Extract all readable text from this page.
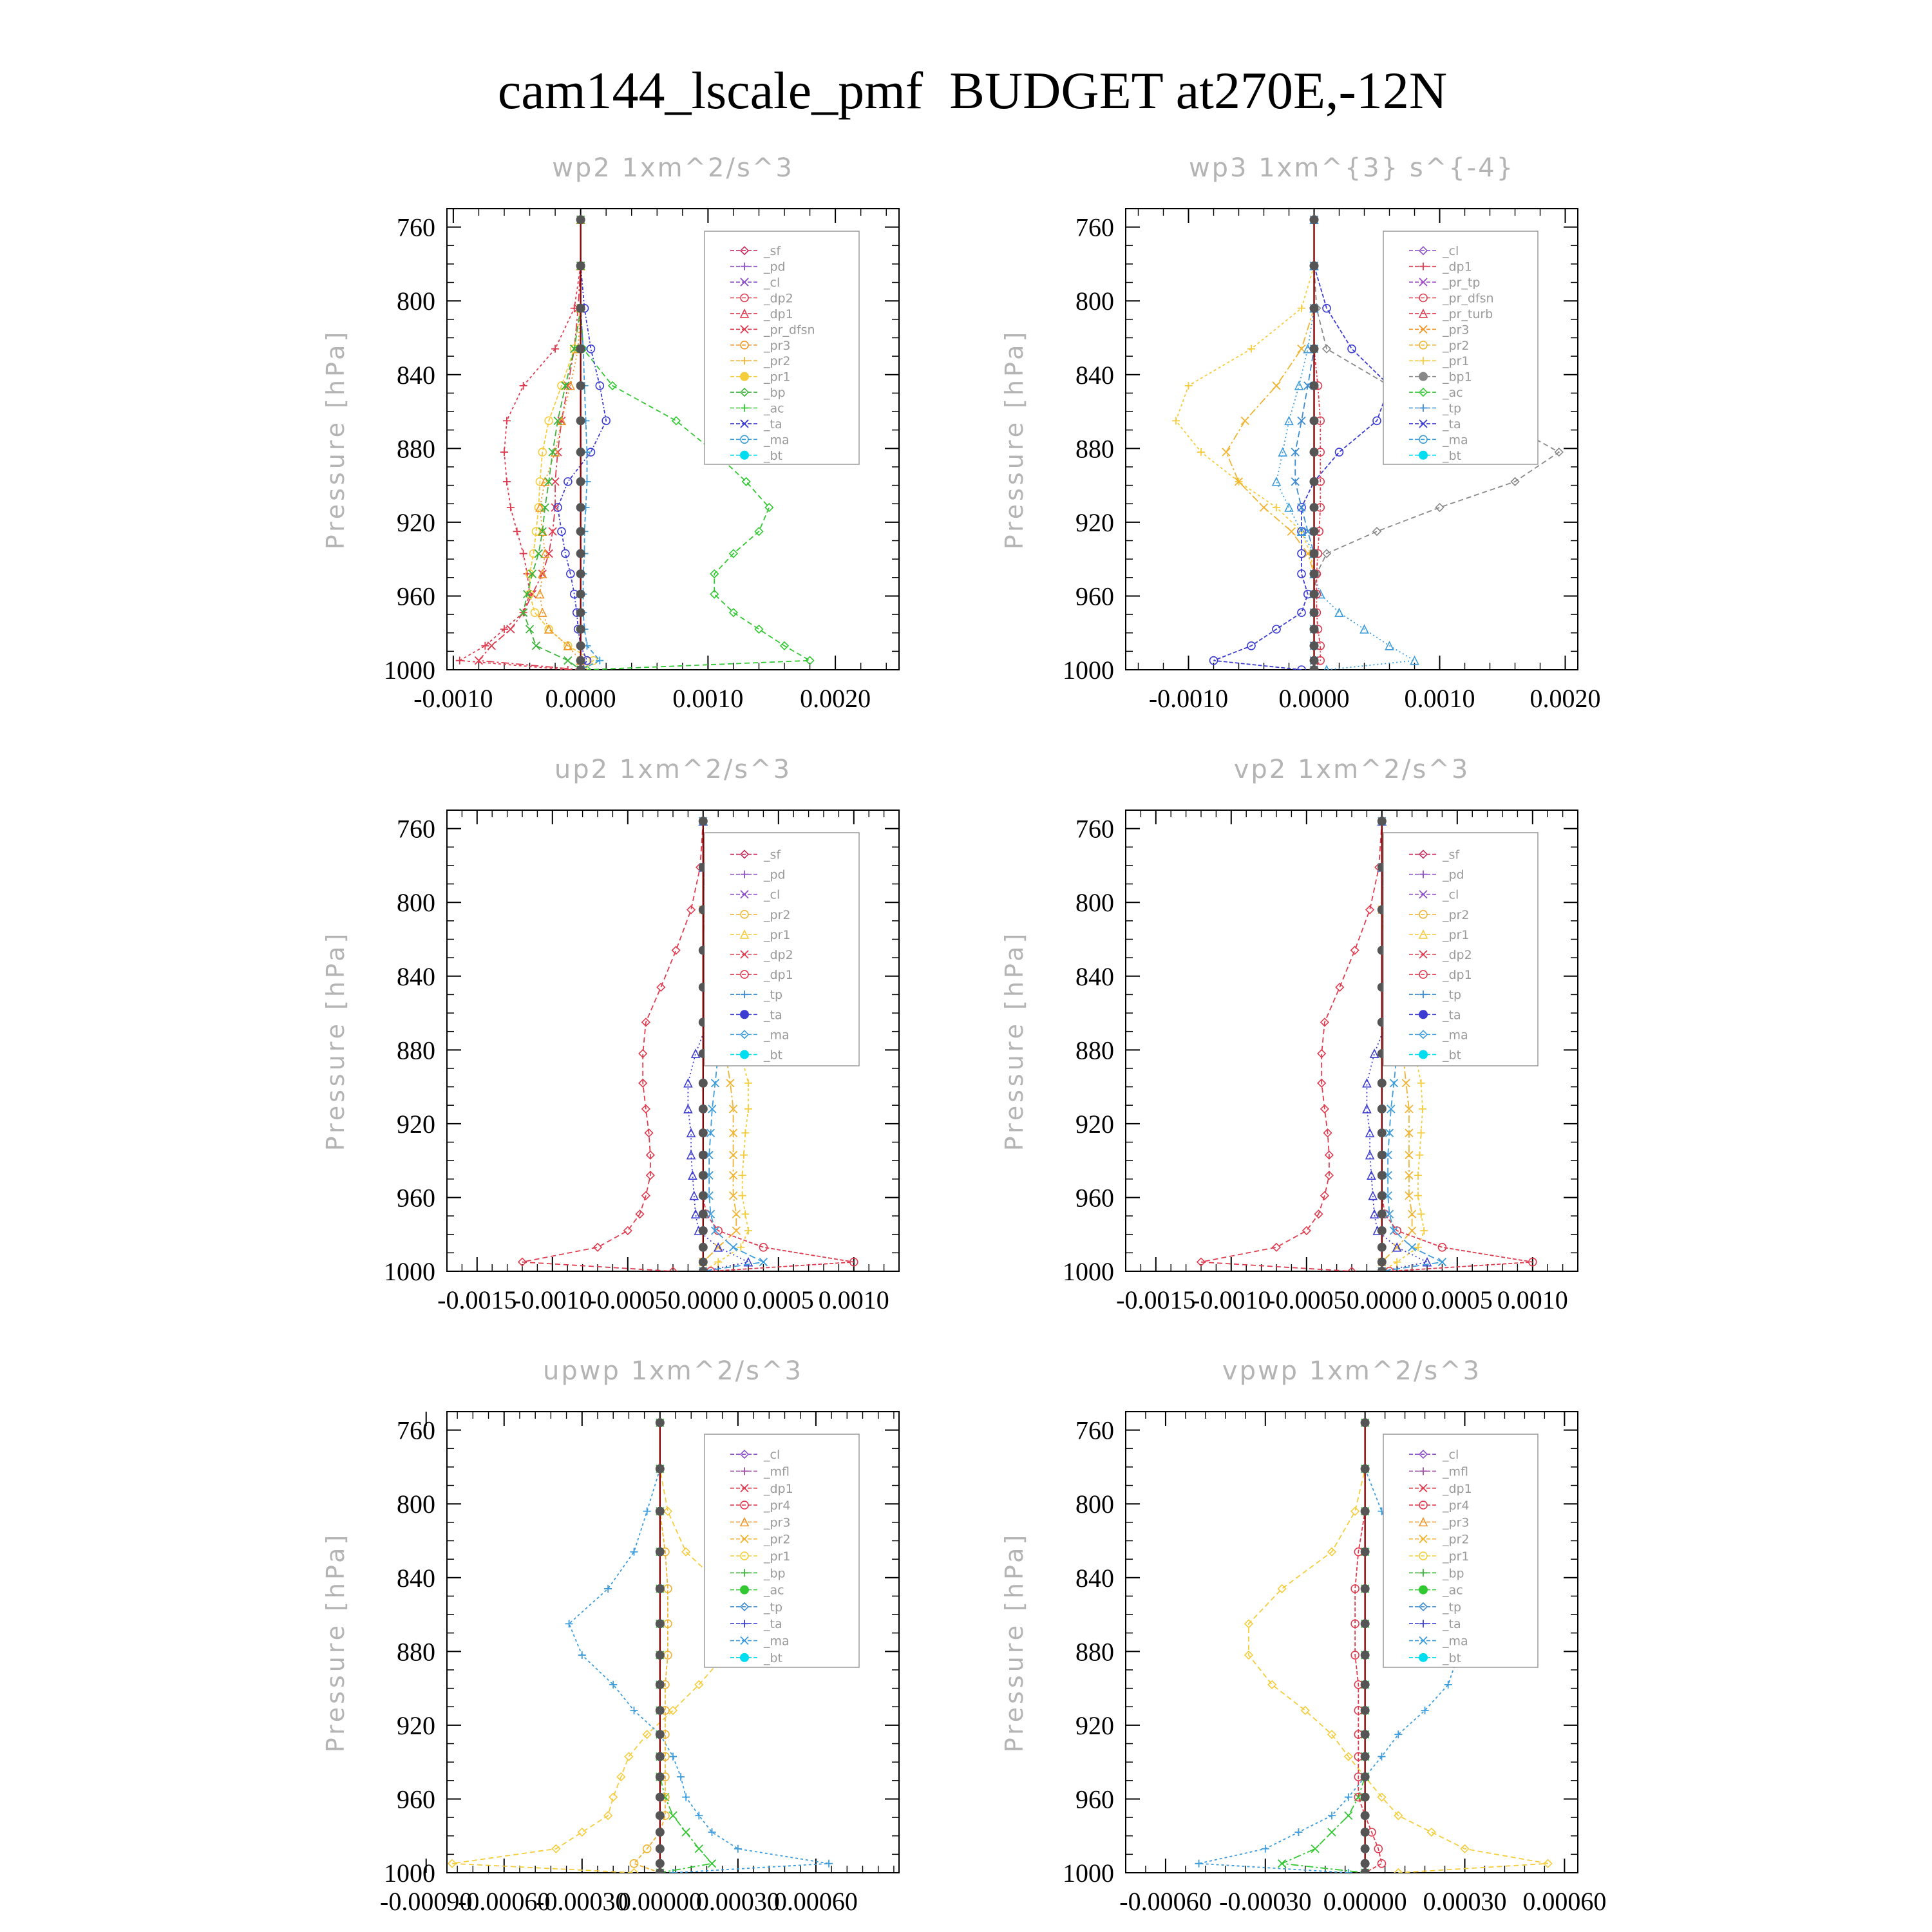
cam144_lscale_pmf  BUDGET at270E,-12N
wp2 1xm^2/s^3
Pressure [hPa]
760
800
840
880
920
960
1000
-0.0010 0.0000 0.0010 0.0020
_sf
_pd
_cl
_dp2
_dp1
_pr_dfsn
_pr3
_pr2
_pr1
_bp
_ac
_ta
_ma
_bt
wp3 1xm^{3} s^{-4}
Pressure [hPa]
760
800
840
880
920
960
1000
-0.0010 0.0000 0.0010 0.0020
_cl
_dp1
_pr_tp
_pr_dfsn
_pr_turb
_pr3
_pr2
_pr1
_bp1
_ac
_tp
_ta
_ma
_bt
up2 1xm^2/s^3
Pressure [hPa]
760
800
840
880
920
960
1000
-0.0015
-0.0010
-0.0005 0.0000 0.0005 0.0010
_sf
_pd
_cl
_pr2
_pr1
_dp2
_dp1
_tp
_ta
_ma
_bt
vp2 1xm^2/s^3
Pressure [hPa]
760
800
840
880
920
960
1000
-0.0015
-0.0010
-0.0005 0.0000 0.0005 0.0010
_sf
_pd
_cl
_pr2
_pr1
_dp2
_dp1
_tp
_ta
_ma
_bt
upwp 1xm^2/s^3
Pressure [hPa]
760
800
840
880
920
960
1000
-0.00090
-0.00060
-0.00030
0.00000
0.00030
0.00060
_cl
_mfl
_dp1
_pr4
_pr3
_pr2
_pr1
_bp
_ac
_tp
_ta
_ma
_bt
vpwp 1xm^2/s^3
Pressure [hPa]
760
800
840
880
920
960
1000
-0.00060 -0.00030 0.00000 0.00030 0.00060
_cl
_mfl
_dp1
_pr4
_pr3
_pr2
_pr1
_bp
_ac
_tp
_ta
_ma
_bt
